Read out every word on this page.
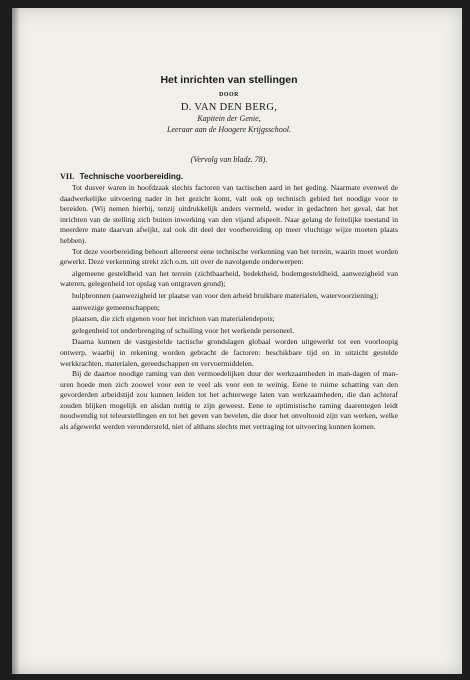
Het inrichten van stellingen
DOOR
D. VAN DEN BERG,
Kapitein der Genie,
Leeraar aan de Hoogere Krijgsschool.
(Vervolg van bladz. 78).
VII. Technische voorbereiding.

Tot dusver waren in hoofdzaak slechts factoren van tactischen aard in het geding. Naarmate evenwel de daadwerkelijke uitvoering nader in het gezicht komt, valt ook op technisch gebied het noodige voor te bereiden. (Wij nemen hierbij, tenzij uitdrukkelijk anders vermeld, weder in gedachten het geval, dat het inrichten van de stelling zich buiten inwerking van den vijand afspeelt. Naar gelang de feitelijke toestand in meerdere mate daarvan afwijkt, zal ook dit deel der voorbereiding op meer vluchtige wijze moeten plaats hebben).

Tot deze voorbereiding behoort allereerst eene technische verkenning van het terrein, waarin moet worden gewerkt. Deze verkenning strekt zich o.m. uit over de navolgende onderwerpen:

algemeene gesteldheid van het terrein (zichtbaarheid, bedektheid, bodemgesteldheid, aanwezigheid van wateren, gelegenheid tot opslag van ontgraven grond);
hulpbronnen (aanwezigheid ter plaatse van voor den arbeid bruikbare materialen, watervoorziening);
aanwezige gemeenschappen;
plaatsen, die zich eigenen voor het inrichten van materialendepots;
gelegenheid tot onderbrenging of schuiling voor het werkende personeel.

Daarna kunnen de vastgestelde tactische grondslagen globaal worden uitgewerkt tot een voorloopig ontwerp, waarbij in rekening worden gebracht de factoren: beschikbare tijd en in uitzicht gestelde werkkrachten, materialen, gereedschappen en vervoermiddelen.

Bij de daartoe noodige raming van den vermoedelijken duur der werkzaamheden in man-dagen of man-uren hoede men zich zoowel voor een te veel als voor een te weinig. Eene te ruime schatting van den gevorderden arbeidstijd zou kunnen leiden tot het achterwege laten van werkzaamheden, die dan achteraf zouden blijken mogelijk en alsdan nuttig te zijn geweest. Eene te optimistische raming daarentegen leidt noodwendig tot teleurstellingen en tot het geven van bevelen, die door het onvoltooid zijn van werken, welke als afgewerkt werden verondersteld, niet of althans slechts met vertraging tot uitvoering kunnen komen.
